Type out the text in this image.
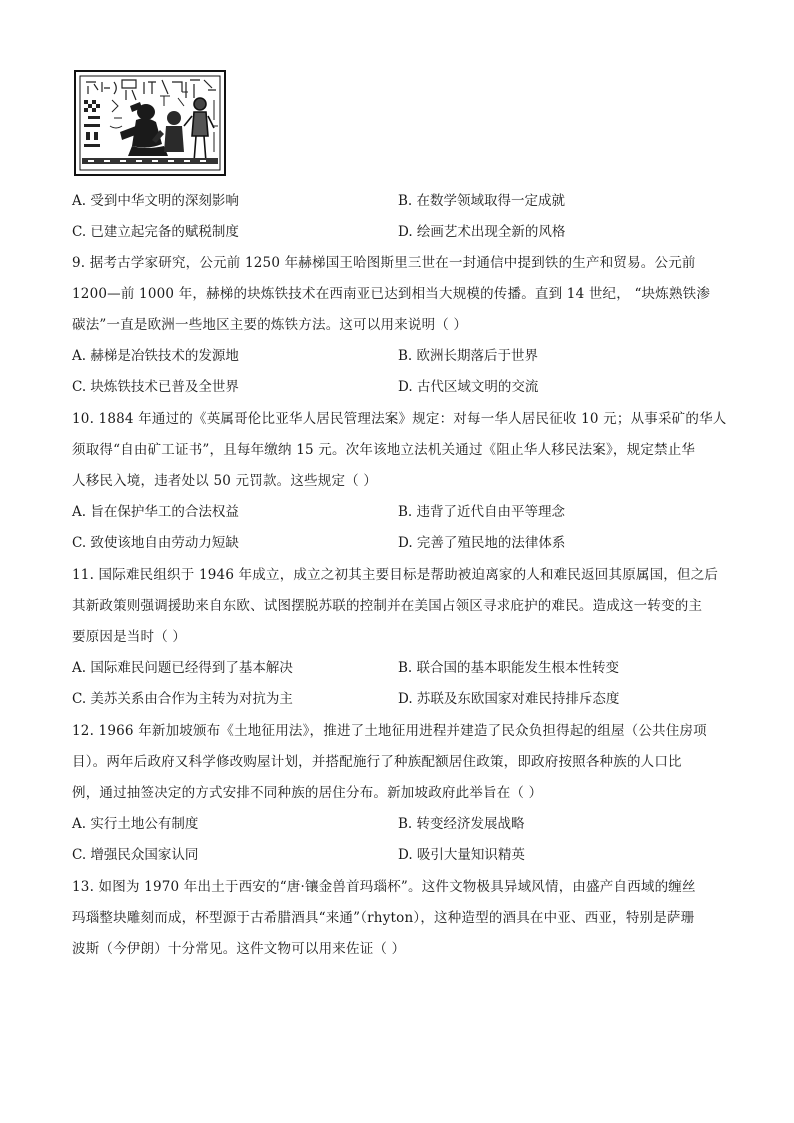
A. 受到中华文明的深刻影响	B. 在数学领域取得一定成就
C. 已建立起完备的赋税制度	D. 绘画艺术出现全新的风格
9. 据考古学家研究，公元前 1250 年赫梯国王哈图斯里三世在一封通信中提到铁的生产和贸易。公元前
1200—前 1000 年，赫梯的块炼铁技术在西南亚已达到相当大规模的传播。直到 14 世纪， “块炼熟铁渗
碳法”一直是欧洲一些地区主要的炼铁方法。这可以用来说明（ ）
A. 赫梯是冶铁技术的发源地	B. 欧洲长期落后于世界
C. 块炼铁技术已普及全世界	D. 古代区域文明的交流
10. 1884 年通过的《英属哥伦比亚华人居民管理法案》规定：对每一华人居民征收 10 元；从事采矿的华人
须取得“自由矿工证书”，且每年缴纳 15 元。次年该地立法机关通过《阻止华人移民法案》，规定禁止华
人移民入境，违者处以 50 元罚款。这些规定（ ）
A. 旨在保护华工的合法权益	B. 违背了近代自由平等理念
C. 致使该地自由劳动力短缺	D. 完善了殖民地的法律体系
11. 国际难民组织于 1946 年成立，成立之初其主要目标是帮助被迫离家的人和难民返回其原属国，但之后
其新政策则强调援助来自东欧、试图摆脱苏联的控制并在美国占领区寻求庇护的难民。造成这一转变的主
要原因是当时（ ）
A. 国际难民问题已经得到了基本解决	B. 联合国的基本职能发生根本性转变
C. 美苏关系由合作为主转为对抗为主	D. 苏联及东欧国家对难民持排斥态度
12. 1966 年新加坡颁布《土地征用法》，推进了土地征用进程并建造了民众负担得起的组屋（公共住房项
目）。两年后政府又科学修改购屋计划，并搭配施行了种族配额居住政策，即政府按照各种族的人口比
例，通过抽签决定的方式安排不同种族的居住分布。新加坡政府此举旨在（ ）
A. 实行土地公有制度	B. 转变经济发展战略
C. 增强民众国家认同	D. 吸引大量知识精英
13. 如图为 1970 年出土于西安的“唐·镶金兽首玛瑙杯”。这件文物极具异域风情，由盛产自西域的缠丝
玛瑙整块雕刻而成，杯型源于古希腊酒具“来通”（rhyton），这种造型的酒具在中亚、西亚，特别是萨珊
波斯（今伊朗）十分常见。这件文物可以用来佐证（ ）
